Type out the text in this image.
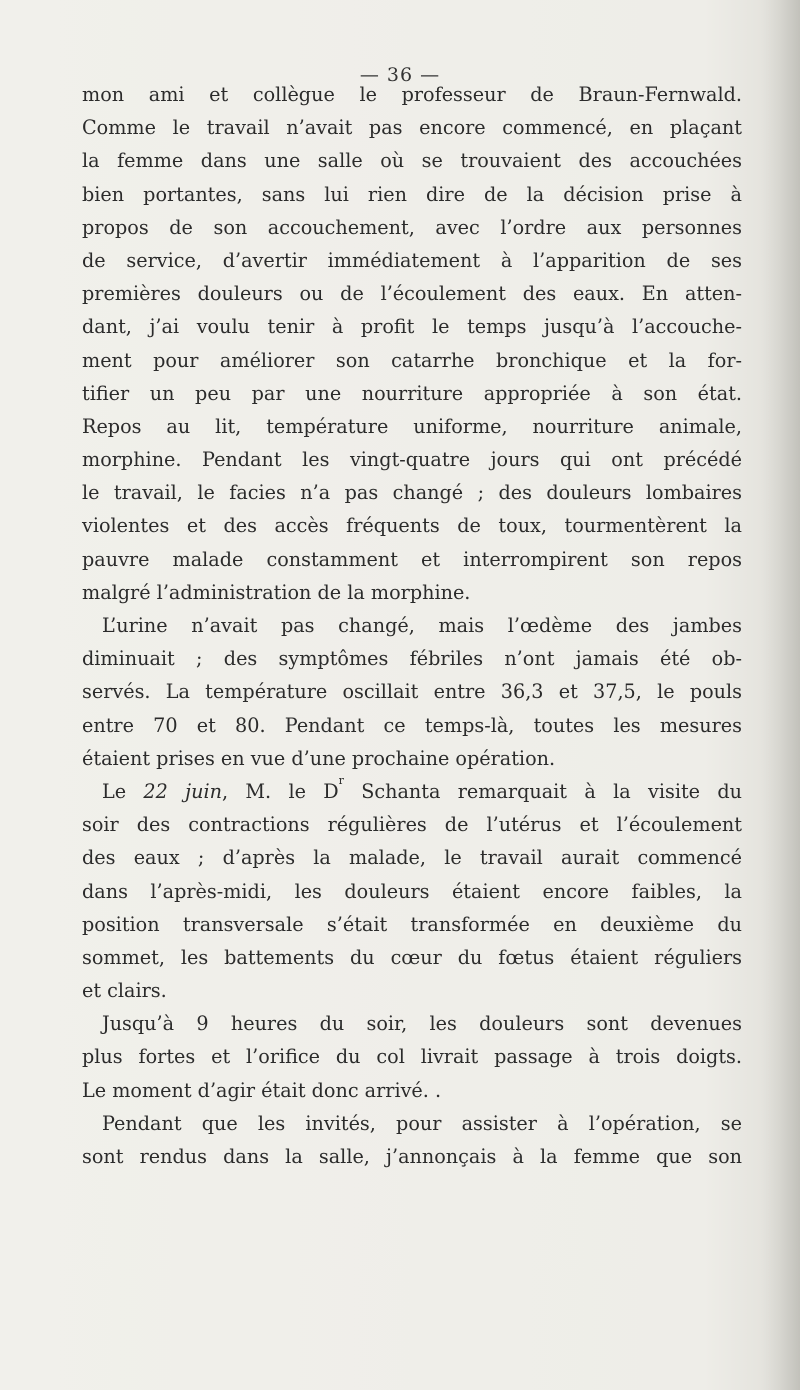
— 36 —
mon ami et collègue le professeur de Braun-Fernwald.
Comme le travail n’avait pas encore commencé, en plaçant
la femme dans une salle où se trouvaient des accouchées
bien portantes, sans lui rien dire de la décision prise à
propos de son accouchement, avec l’ordre aux personnes
de service, d’avertir immédiatement à l’apparition de ses
premières douleurs ou de l’écoulement des eaux. En atten-
dant, j’ai voulu tenir à profit le temps jusqu’à l’accouche-
ment pour améliorer son catarrhe bronchique et la for-
tifier un peu par une nourriture appropriée à son état.
Repos au lit, température uniforme, nourriture animale,
morphine. Pendant les vingt-quatre jours qui ont précédé
le travail, le facies n’a pas changé ; des douleurs lombaires
violentes et des accès fréquents de toux, tourmentèrent la
pauvre malade constamment et interrompirent son repos
malgré l’administration de la morphine.
L’urine n’avait pas changé, mais l’œdème des jambes
diminuait ; des symptômes fébriles n’ont jamais été ob-
servés. La température oscillait entre 36,3 et 37,5, le pouls
entre 70 et 80. Pendant ce temps-là, toutes les mesures
étaient prises en vue d’une prochaine opération.
Le 22 juin, M. le $D^r$ Schanta remarquait à la visite du
soir des contractions régulières de l’utérus et l’écoulement
des eaux ; d’après la malade, le travail aurait commencé
dans l’après-midi, les douleurs étaient encore faibles, la
position transversale s’était transformée en deuxième du
sommet, les battements du cœur du fœtus étaient réguliers
et clairs.
Jusqu’à 9 heures du soir, les douleurs sont devenues
plus fortes et l’orifice du col livrait passage à trois doigts.
Le moment d’agir était donc arrivé. .
Pendant que les invités, pour assister à l’opération, se
sont rendus dans la salle, j’annonçais à la femme que son
